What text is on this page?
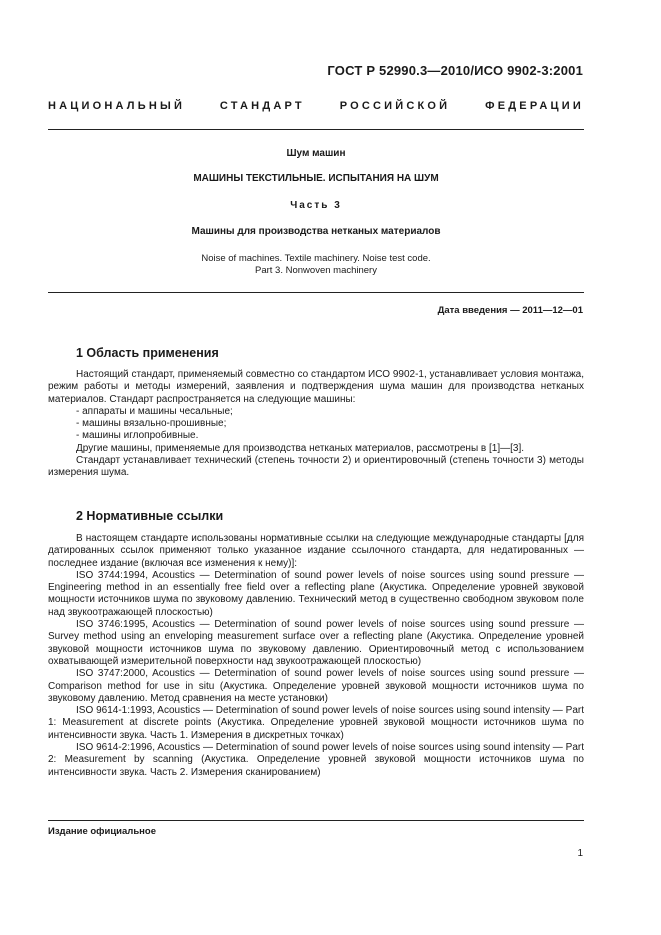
ГОСТ Р 52990.3—2010/ИСО 9902-3:2001
НАЦИОНАЛЬНЫЙ СТАНДАРТ РОССИЙСКОЙ ФЕДЕРАЦИИ
Шум машин
МАШИНЫ ТЕКСТИЛЬНЫЕ. ИСПЫТАНИЯ НА ШУМ
Часть 3
Машины для производства нетканых материалов
Noise of machines. Textile machinery. Noise test code.
Part 3. Nonwoven machinery
Дата введения — 2011—12—01
1 Область применения

Настоящий стандарт, применяемый совместно со стандартом ИСО 9902-1, устанавливает условия монтажа, режим работы и методы измерений, заявления и подтверждения шума машин для производства нетканых материалов. Стандарт распространяется на следующие машины:

- аппараты и машины чесальные;

- машины вязально-прошивные;

- машины иглопробивные.

Другие машины, применяемые для производства нетканых материалов, рассмотрены в [1]—[3].

Стандарт устанавливает технический (степень точности 2) и ориентировочный (степень точности 3) методы измерения шума.

2 Нормативные ссылки

В настоящем стандарте использованы нормативные ссылки на следующие международные стандарты [для датированных ссылок применяют только указанное издание ссылочного стандарта, для недатированных — последнее издание (включая все изменения к нему)]:

ISO 3744:1994, Acoustics — Determination of sound power levels of noise sources using sound pressure — Engineering method in an essentially free field over a reflecting plane (Акустика. Определение уровней звуковой мощности источников шума по звуковому давлению. Технический метод в существенно свободном звуковом поле над звукоотражающей плоскостью)

ISO 3746:1995, Acoustics — Determination of sound power levels of noise sources using sound pressure — Survey method using an enveloping measurement surface over a reflecting plane (Акустика. Определение уровней звуковой мощности источников шума по звуковому давлению. Ориентировочный метод с использованием охватывающей измерительной поверхности над звукоотражающей плоскостью)

ISO 3747:2000, Acoustics — Determination of sound power levels of noise sources using sound pressure — Comparison method for use in situ (Акустика. Определение уровней звуковой мощности источников шума по звуковому давлению. Метод сравнения на месте установки)

ISO 9614-1:1993, Acoustics — Determination of sound power levels of noise sources using sound intensity — Part 1: Measurement at discrete points (Акустика. Определение уровней звуковой мощности источников шума по интенсивности звука. Часть 1. Измерения в дискретных точках)

ISO 9614-2:1996, Acoustics — Determination of sound power levels of noise sources using sound intensity — Part 2: Measurement by scanning (Акустика. Определение уровней звуковой мощности источников шума по интенсивности звука. Часть 2. Измерения сканированием)

Издание официальное
1
